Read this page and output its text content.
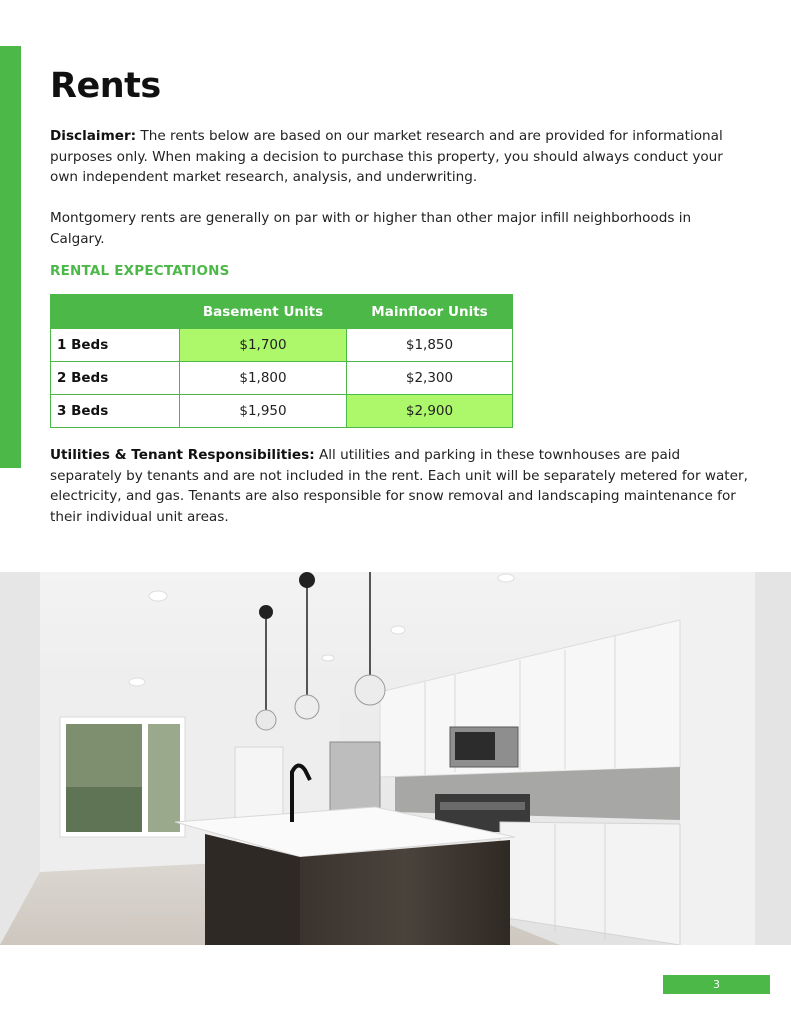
Rents

Disclaimer: The rents below are based on our market research and are provided for informational purposes only. When making a decision to purchase this property, you should always conduct your own independent market research, analysis, and underwriting.

Montgomery rents are generally on par with or higher than other major infill neighborhoods in Calgary.

RENTAL EXPECTATIONS
	Basement Units	Mainfloor Units
1 Beds	$1,700	$1,850
2 Beds	$1,800	$2,300
3 Beds	$1,950	$2,900

Utilities & Tenant Responsibilities: All utilities and parking in these townhouses are paid separately by tenants and are not included in the rent. Each unit will be separately metered for water, electricity, and gas. Tenants are also responsible for snow removal and landscaping maintenance for their individual unit areas.

3
